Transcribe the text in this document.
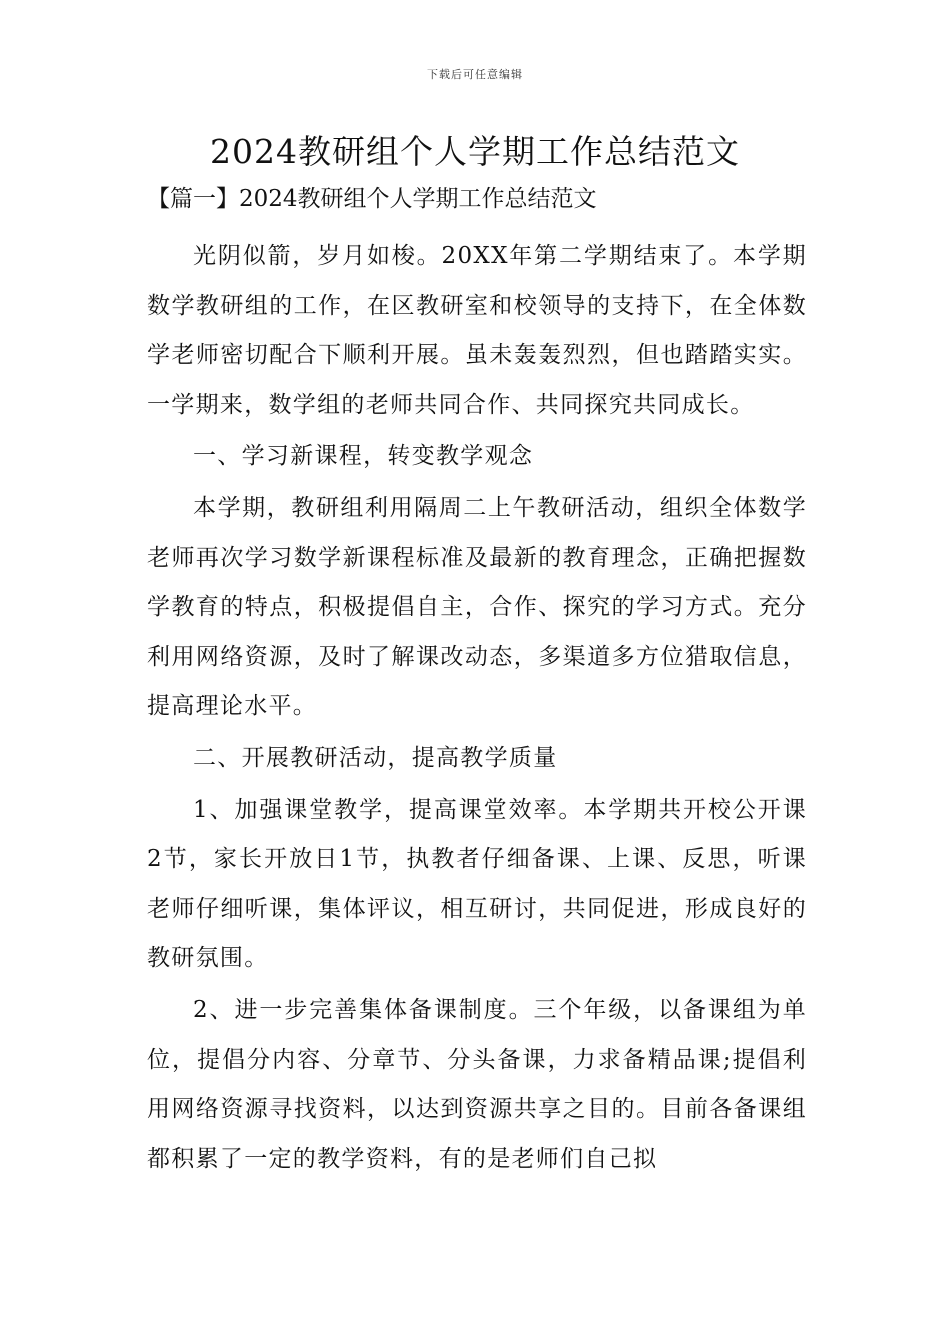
下载后可任意编辑
2024教研组个人学期工作总结范文

【篇一】2024教研组个人学期工作总结范文

光阴似箭，岁月如梭。20XX年第二学期结束了。本学期数学教研组的工作，在区教研室和校领导的支持下，在全体数学老师密切配合下顺利开展。虽未轰轰烈烈，但也踏踏实实。一学期来，数学组的老师共同合作、共同探究共同成长。

一、学习新课程，转变教学观念

本学期，教研组利用隔周二上午教研活动，组织全体数学老师再次学习数学新课程标准及最新的教育理念，正确把握数学教育的特点，积极提倡自主，合作、探究的学习方式。充分利用网络资源，及时了解课改动态，多渠道多方位猎取信息，提高理论水平。

二、开展教研活动，提高教学质量

1、加强课堂教学，提高课堂效率。本学期共开校公开课2节，家长开放日1节，执教者仔细备课、上课、反思，听课老师仔细听课，集体评议，相互研讨，共同促进，形成良好的教研氛围。

2、进一步完善集体备课制度。三个年级，以备课组为单位，提倡分内容、分章节、分头备课，力求备精品课;提倡利用网络资源寻找资料，以达到资源共享之目的。目前各备课组都积累了一定的教学资料，有的是老师们自己拟
